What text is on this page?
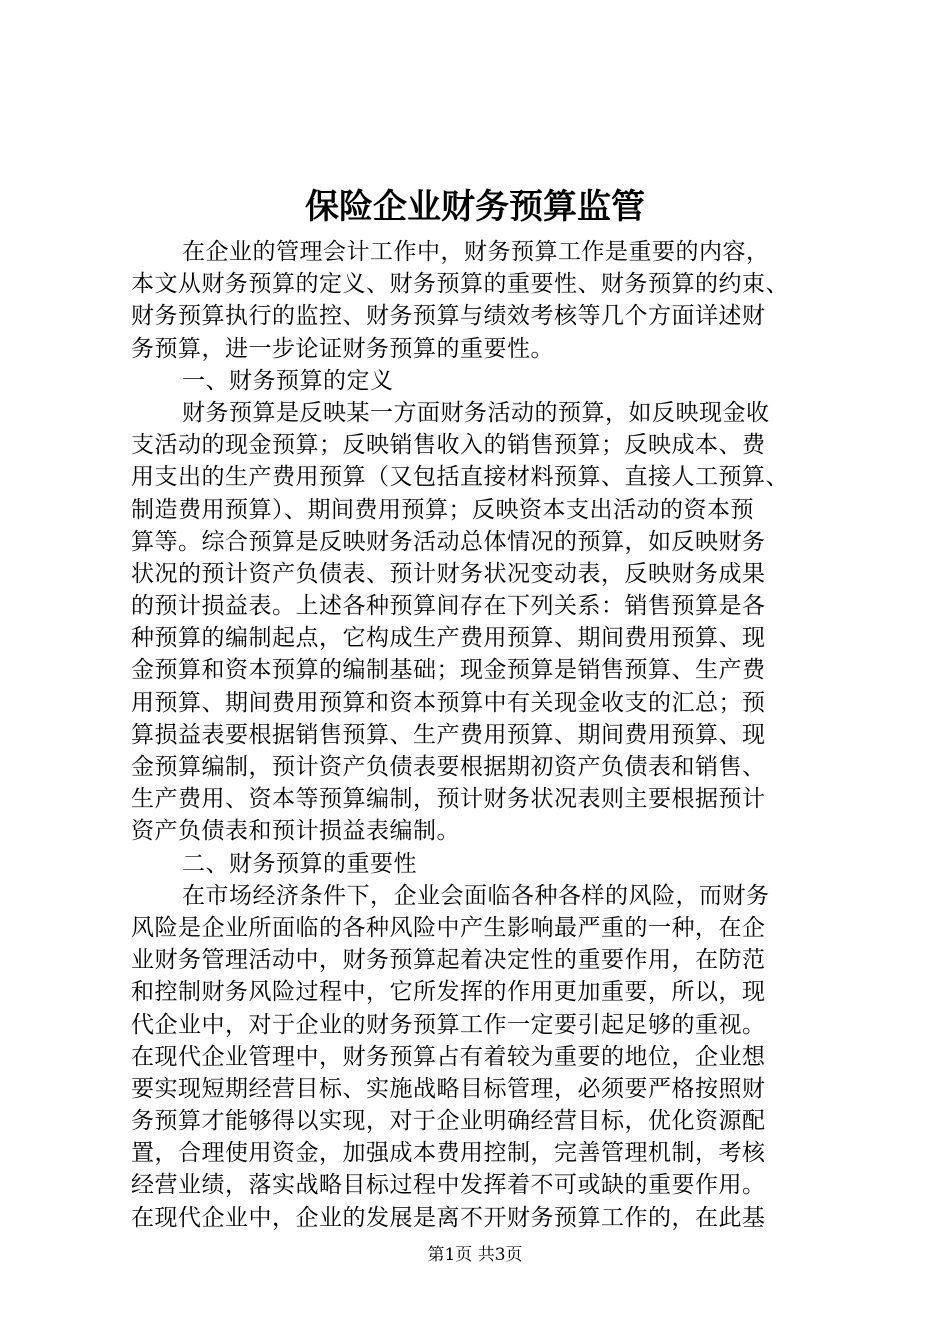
保险企业财务预算监管
在企业的管理会计工作中，财务预算工作是重要的内容，
本文从财务预算的定义、财务预算的重要性、财务预算的约束、
财务预算执行的监控、财务预算与绩效考核等几个方面详述财
务预算，进一步论证财务预算的重要性。
一、财务预算的定义
财务预算是反映某一方面财务活动的预算，如反映现金收
支活动的现金预算；反映销售收入的销售预算；反映成本、费
用支出的生产费用预算（又包括直接材料预算、直接人工预算、
制造费用预算）、期间费用预算；反映资本支出活动的资本预
算等。综合预算是反映财务活动总体情况的预算，如反映财务
状况的预计资产负债表、预计财务状况变动表，反映财务成果
的预计损益表。上述各种预算间存在下列关系：销售预算是各
种预算的编制起点，它构成生产费用预算、期间费用预算、现
金预算和资本预算的编制基础；现金预算是销售预算、生产费
用预算、期间费用预算和资本预算中有关现金收支的汇总；预
算损益表要根据销售预算、生产费用预算、期间费用预算、现
金预算编制，预计资产负债表要根据期初资产负债表和销售、
生产费用、资本等预算编制，预计财务状况表则主要根据预计
资产负债表和预计损益表编制。
二、财务预算的重要性
在市场经济条件下，企业会面临各种各样的风险，而财务
风险是企业所面临的各种风险中产生影响最严重的一种，在企
业财务管理活动中，财务预算起着决定性的重要作用，在防范
和控制财务风险过程中，它所发挥的作用更加重要，所以，现
代企业中，对于企业的财务预算工作一定要引起足够的重视。
在现代企业管理中，财务预算占有着较为重要的地位，企业想
要实现短期经营目标、实施战略目标管理，必须要严格按照财
务预算才能够得以实现，对于企业明确经营目标，优化资源配
置，合理使用资金，加强成本费用控制，完善管理机制，考核
经营业绩，落实战略目标过程中发挥着不可或缺的重要作用。
在现代企业中，企业的发展是离不开财务预算工作的，在此基
第1页 共3页
